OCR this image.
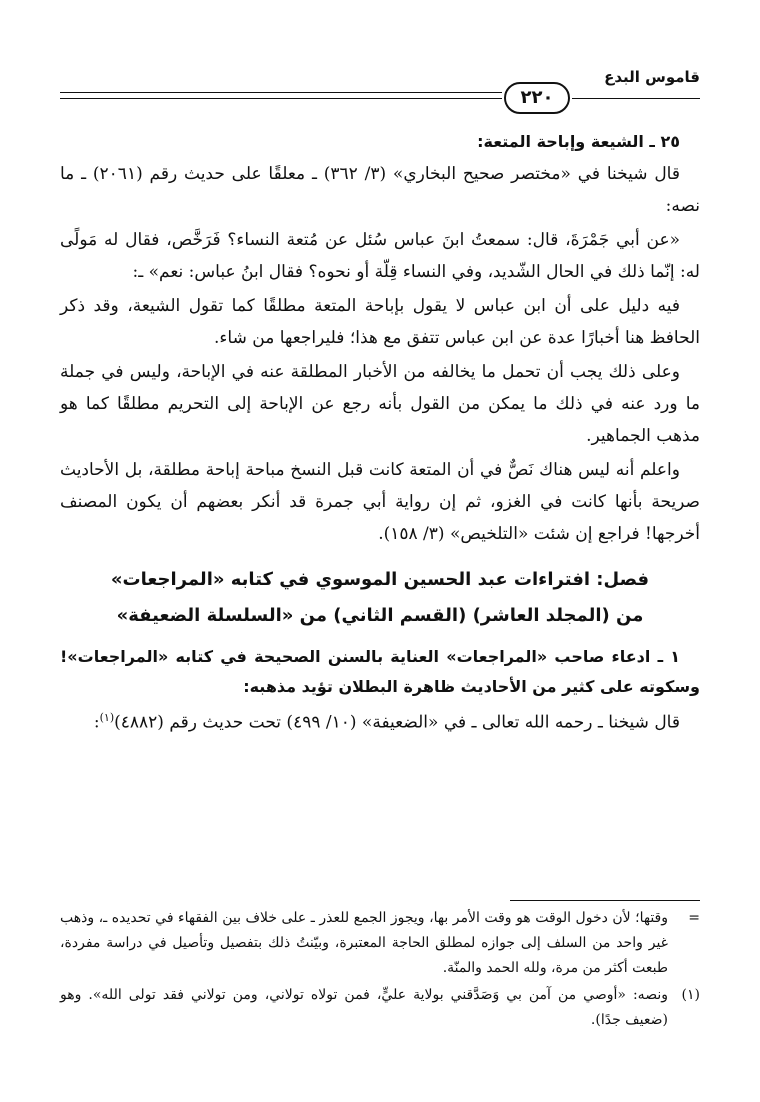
قاموس البدع
٢٢٠

٢٥ ـ الشيعة وإباحة المتعة:

قال شيخنا في «مختصر صحيح البخاري» (٣/ ٣٦٢) ـ معلقًا على حديث رقم (٢٠٦١) ـ ما نصه:

«عن أبي جَمْرَةَ، قال: سمعتُ ابنَ عباس سُئل عن مُتعة النساء؟ فَرَخَّص، فقال له مَولًى له: إنّما ذلك في الحال الشّديد، وفي النساء قِلّة أو نحوه؟ فقال ابنُ عباس: نعم» ـ:

فيه دليل على أن ابن عباس لا يقول بإباحة المتعة مطلقًا كما تقول الشيعة، وقد ذكر الحافظ هنا أخبارًا عدة عن ابن عباس تتفق مع هذا؛ فليراجعها من شاء.

وعلى ذلك يجب أن تحمل ما يخالفه من الأخبار المطلقة عنه في الإباحة، وليس في جملة ما ورد عنه في ذلك ما يمكن من القول بأنه رجع عن الإباحة إلى التحريم مطلقًا كما هو مذهب الجماهير.

واعلم أنه ليس هناك نَصٌّ في أن المتعة كانت قبل النسخ مباحة إباحة مطلقة، بل الأحاديث صريحة بأنها كانت في الغزو، ثم إن رواية أبي جمرة قد أنكر بعضهم أن يكون المصنف أخرجها! فراجع إن شئت «التلخيص» (٣/ ١٥٨).

فصل: افتراءات عبد الحسين الموسوي في كتابه «المراجعات»
من (المجلد العاشر) (القسم الثاني) من «السلسلة الضعيفة»

١ ـ ادعاء صاحب «المراجعات» العناية بالسنن الصحيحة في كتابه «المراجعات»! وسكوته على كثير من الأحاديث ظاهرة البطلان تؤيد مذهبه:

قال شيخنا ـ رحمه الله تعالى ـ في «الضعيفة» (١٠/ ٤٩٩) تحت حديث رقم (٤٨٨٢)$^{(١)}$:

=
وقتها؛ لأن دخول الوقت هو وقت الأمر بها، ويجوز الجمع للعذر ـ على خلاف بين الفقهاء في تحديده ـ، وذهب غير واحد من السلف إلى جوازه لمطلق الحاجة المعتبرة، وبيّنتُ ذلك بتفصيل وتأصيل في دراسة مفردة، طبعت أكثر من مرة، ولله الحمد والمنّة.

(١)
ونصه: «أوصي من آمن بي وَصَدَّقني بولاية عليٍّ، فمن تولاه تولاني، ومن تولاني فقد تولى الله». وهو (ضعيف جدًا).
